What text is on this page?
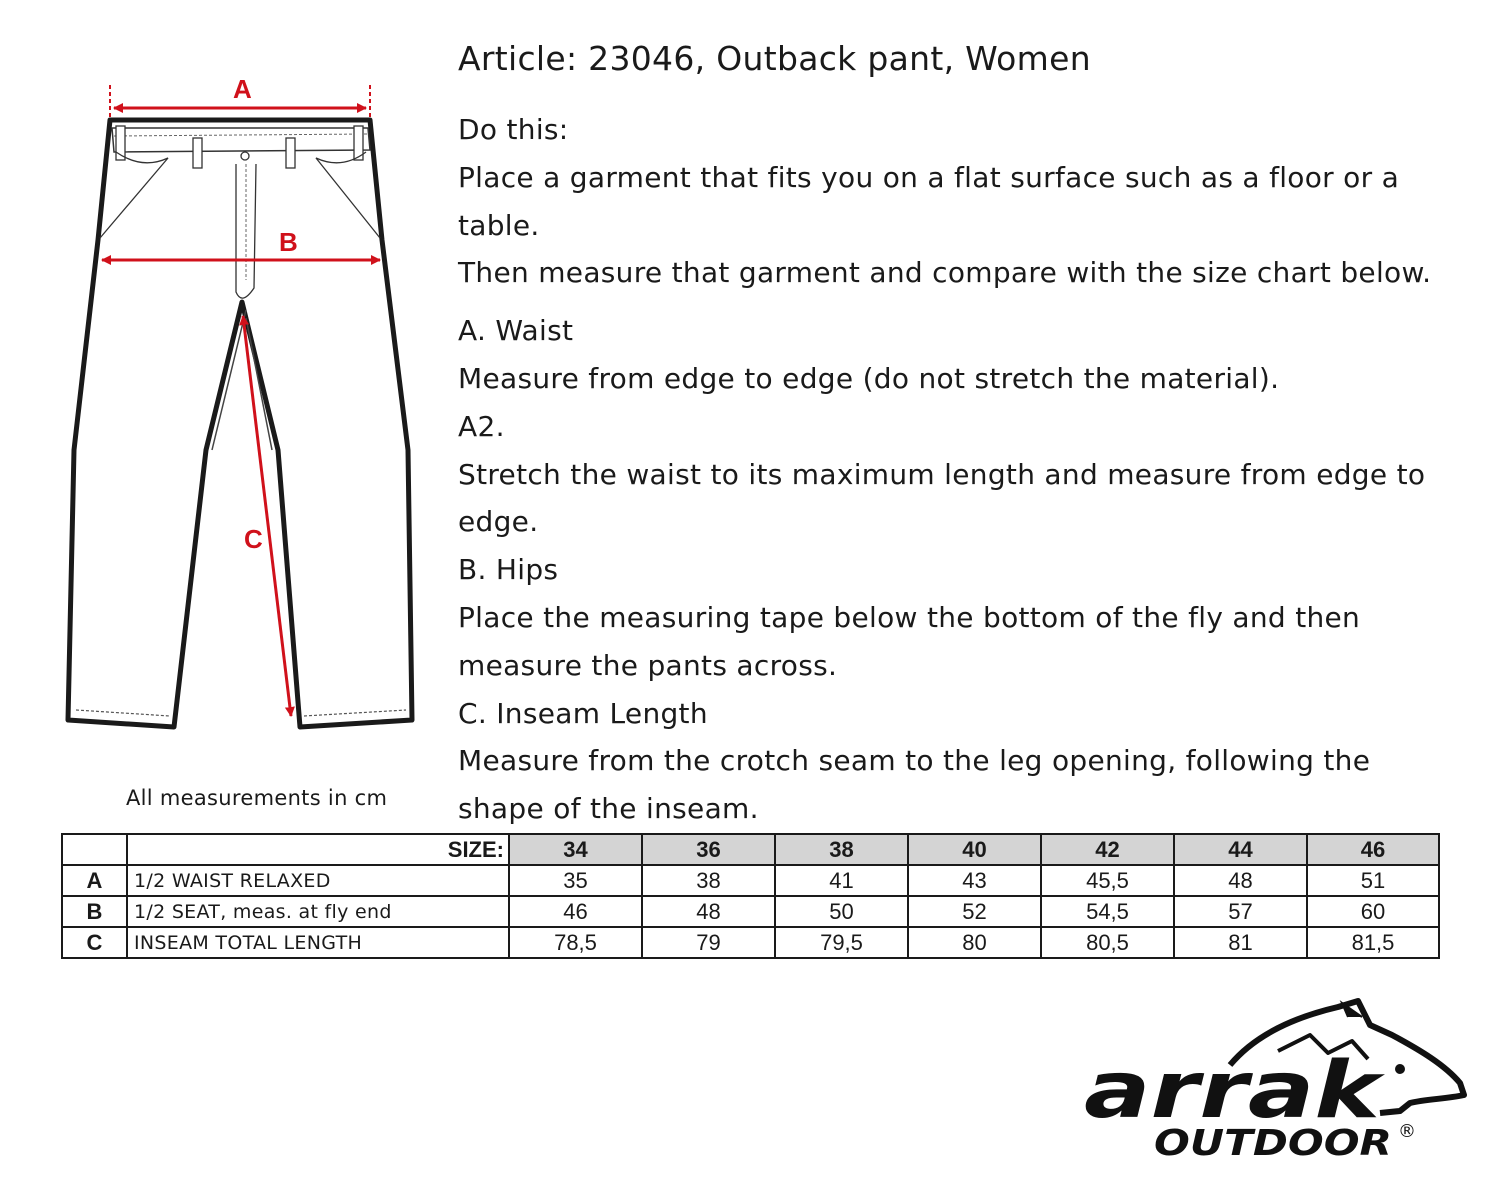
A
B
C
All measurements in cm
Article: 23046, Outback pant, Women
Do this:
Place a garment that fits you on a flat surface such as a floor or a table.
Then measure that garment and compare with the size chart below.
A. Waist
Measure from edge to edge (do not stretch the material).
A2.
Stretch the waist to its maximum length and measure from edge to edge.
B. Hips
Place the measuring tape below the bottom of the fly and then measure the pants across.
C. Inseam Length
Measure from the crotch seam to the leg opening, following the shape of the inseam.
	SIZE:	34	36	38	40	42	44	46
A	1/2 WAIST RELAXED	35	38	41	43	45,5	48	51
B	1/2 SEAT, meas. at fly end	46	48	50	52	54,5	57	60
C	INSEAM TOTAL LENGTH	78,5	79	79,5	80	80,5	81	81,5
arrak
OUTDOOR ®
